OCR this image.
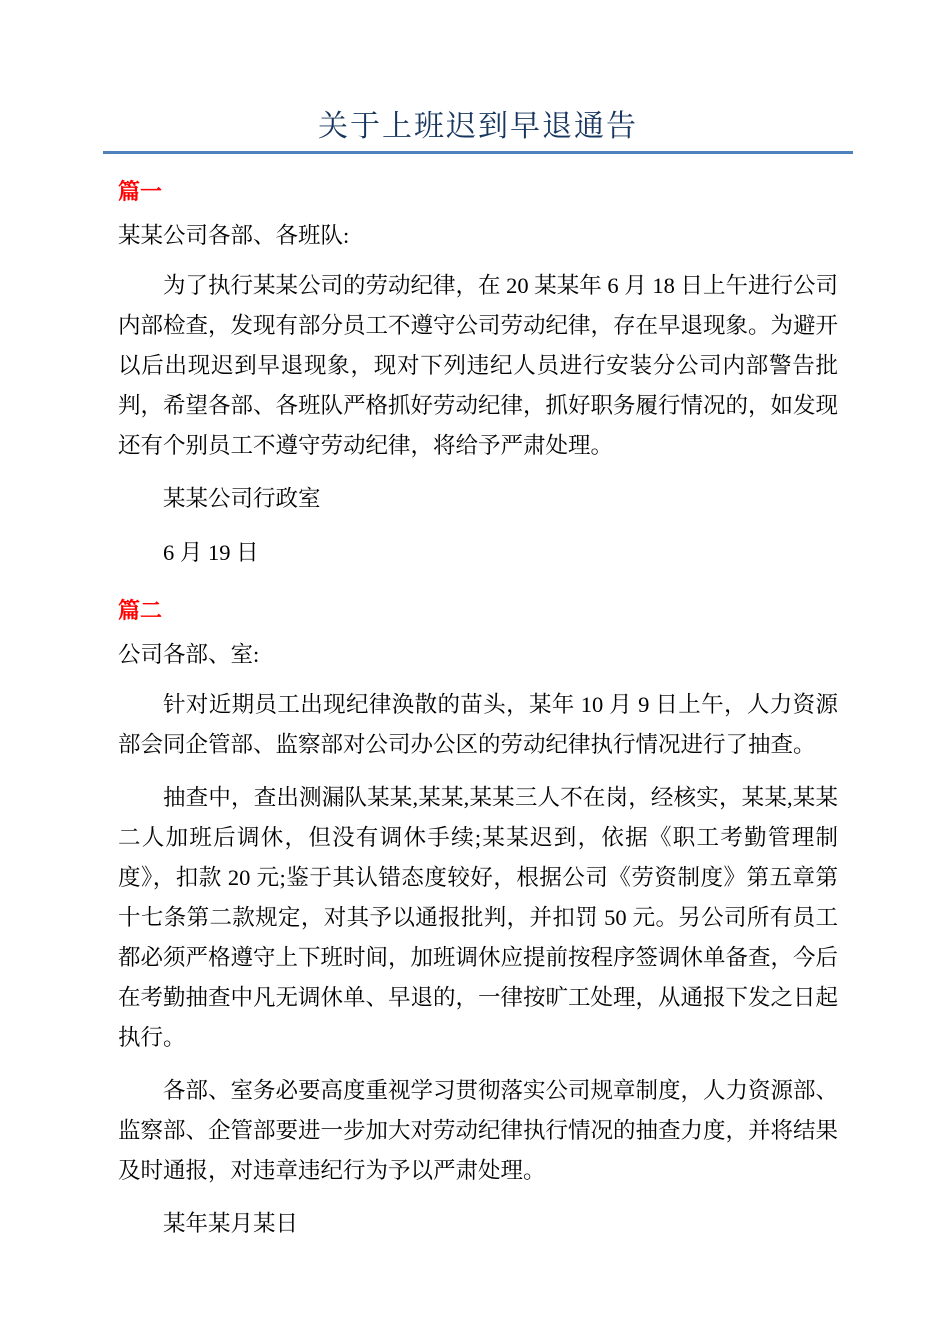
关于上班迟到早退通告
篇一

某某公司各部、各班队:

为了执行某某公司的劳动纪律，在 20 某某年 6 月 18 日上午进行公司内部检查，发现有部分员工不遵守公司劳动纪律，存在早退现象。为避开以后出现迟到早退现象，现对下列违纪人员进行安装分公司内部警告批判，希望各部、各班队严格抓好劳动纪律，抓好职务履行情况的，如发现还有个别员工不遵守劳动纪律，将给予严肃处理。

某某公司行政室

6 月 19 日

篇二

公司各部、室:

针对近期员工出现纪律涣散的苗头，某年 10 月 9 日上午，人力资源部会同企管部、监察部对公司办公区的劳动纪律执行情况进行了抽查。

抽查中，查出测漏队某某,某某,某某三人不在岗，经核实，某某,某某二人加班后调休，但没有调休手续;某某迟到，依据《职工考勤管理制度》，扣款 20 元;鉴于其认错态度较好，根据公司《劳资制度》第五章第十七条第二款规定，对其予以通报批判，并扣罚 50 元。另公司所有员工都必须严格遵守上下班时间，加班调休应提前按程序签调休单备查，今后在考勤抽查中凡无调休单、早退的，一律按旷工处理，从通报下发之日起执行。

各部、室务必要高度重视学习贯彻落实公司规章制度，人力资源部、监察部、企管部要进一步加大对劳动纪律执行情况的抽查力度，并将结果及时通报，对违章违纪行为予以严肃处理。

某年某月某日
